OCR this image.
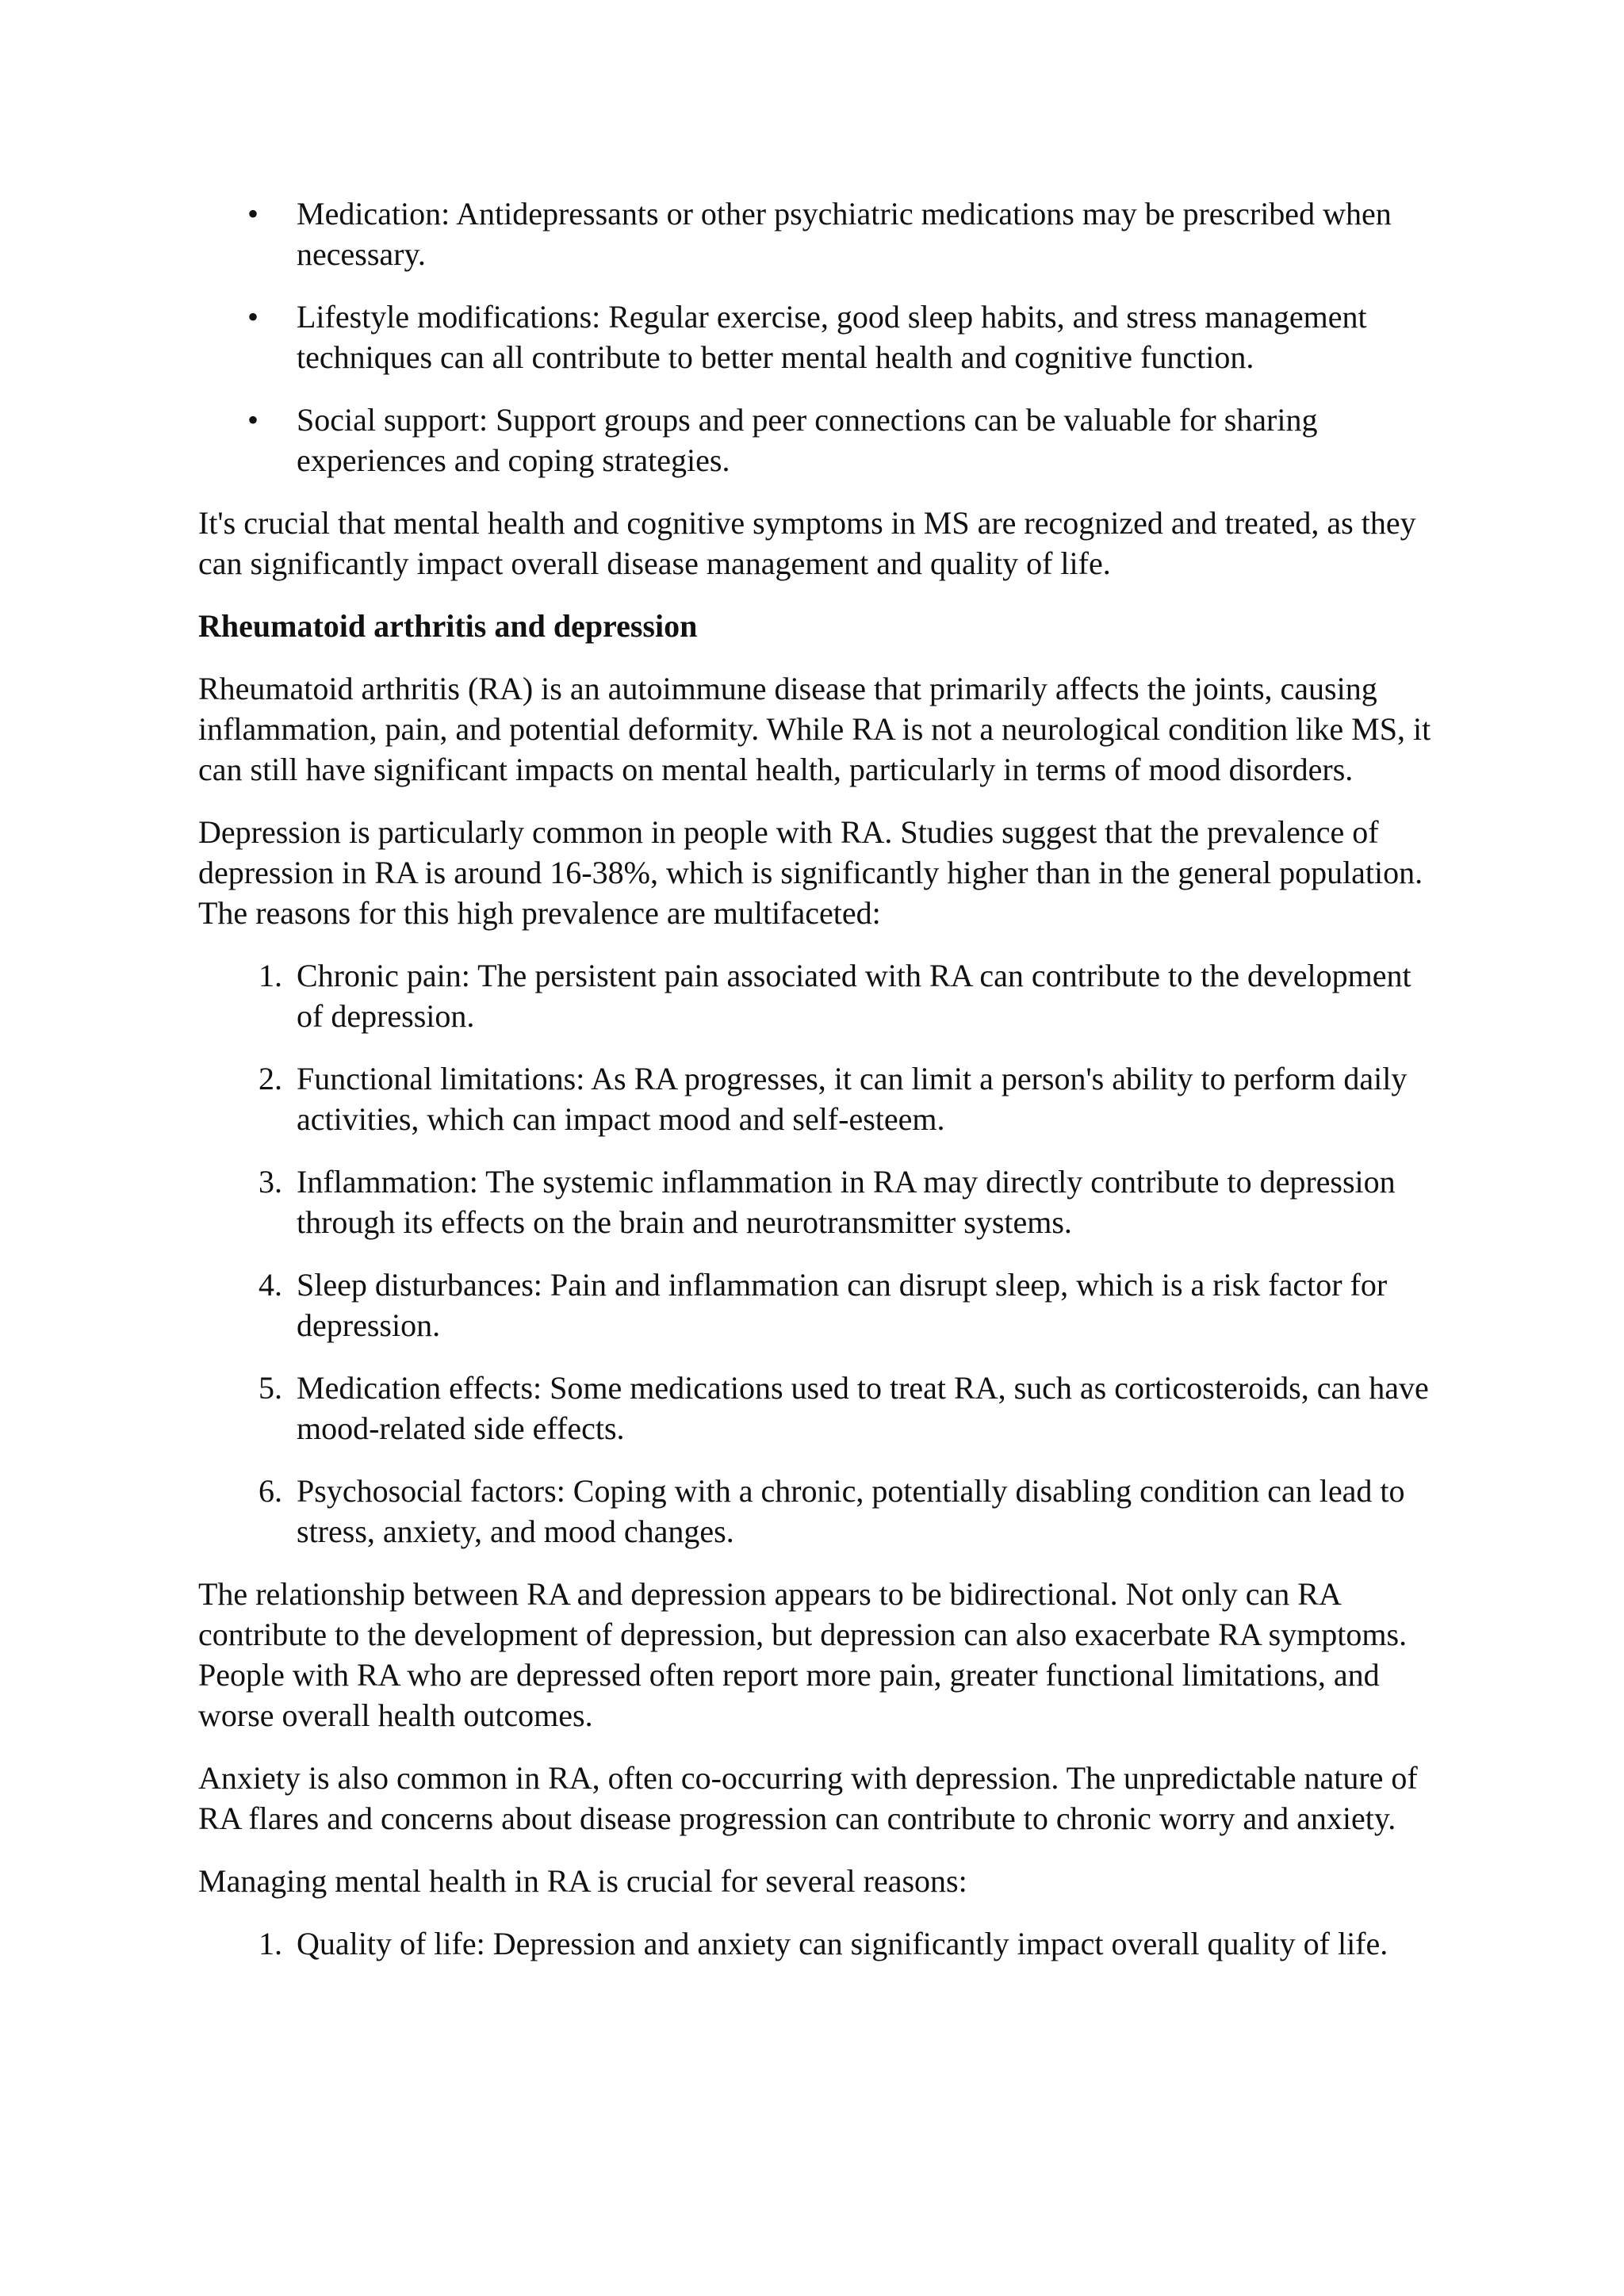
• Medication: Antidepressants or other psychiatric medications may be prescribed when necessary.
• Lifestyle modifications: Regular exercise, good sleep habits, and stress management techniques can all contribute to better mental health and cognitive function.
• Social support: Support groups and peer connections can be valuable for sharing experiences and coping strategies.

It's crucial that mental health and cognitive symptoms in MS are recognized and treated, as they can significantly impact overall disease management and quality of life.

Rheumatoid arthritis and depression

Rheumatoid arthritis (RA) is an autoimmune disease that primarily affects the joints, causing inflammation, pain, and potential deformity. While RA is not a neurological condition like MS, it can still have significant impacts on mental health, particularly in terms of mood disorders.

Depression is particularly common in people with RA. Studies suggest that the prevalence of depression in RA is around 16-38%, which is significantly higher than in the general population. The reasons for this high prevalence are multifaceted:

1. Chronic pain: The persistent pain associated with RA can contribute to the development of depression.
2. Functional limitations: As RA progresses, it can limit a person's ability to perform daily activities, which can impact mood and self-esteem.
3. Inflammation: The systemic inflammation in RA may directly contribute to depression through its effects on the brain and neurotransmitter systems.
4. Sleep disturbances: Pain and inflammation can disrupt sleep, which is a risk factor for depression.
5. Medication effects: Some medications used to treat RA, such as corticosteroids, can have mood-related side effects.
6. Psychosocial factors: Coping with a chronic, potentially disabling condition can lead to stress, anxiety, and mood changes.

The relationship between RA and depression appears to be bidirectional. Not only can RA contribute to the development of depression, but depression can also exacerbate RA symptoms. People with RA who are depressed often report more pain, greater functional limitations, and worse overall health outcomes.

Anxiety is also common in RA, often co-occurring with depression. The unpredictable nature of RA flares and concerns about disease progression can contribute to chronic worry and anxiety.

Managing mental health in RA is crucial for several reasons:

1. Quality of life: Depression and anxiety can significantly impact overall quality of life.
